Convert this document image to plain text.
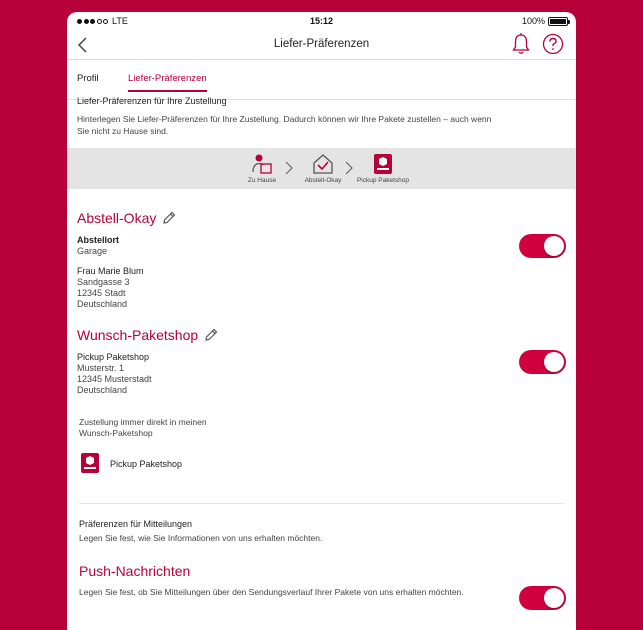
LTE	15:12	100%
Liefer-Präferenzen
Profil	Liefer-Präferenzen
Liefer-Präferenzen für Ihre Zustellung
Hinterlegen Sie Liefer-Präferenzen für Ihre Zustellung. Dadurch können wir Ihre Pakete zustellen – auch wenn Sie nicht zu Hause sind.
Zu Hause	Abstell-Okay	Pickup Paketshop
Abstell-Okay
Abstellort
Garage
Frau Marie Blum
Sandgasse 3
12345 Stadt
Deutschland
Wunsch-Paketshop
Pickup Paketshop
Musterstr. 1
12345 Musterstadt
Deutschland
Zustellung immer direkt in meinen
Wunsch-Paketshop
Pickup Paketshop
Präferenzen für Mitteilungen
Legen Sie fest, wie Sie Informationen von uns erhalten möchten.
Push-Nachrichten
Legen Sie fest, ob Sie Mitteilungen über den Sendungsverlauf Ihrer Pakete von uns erhalten möchten.
